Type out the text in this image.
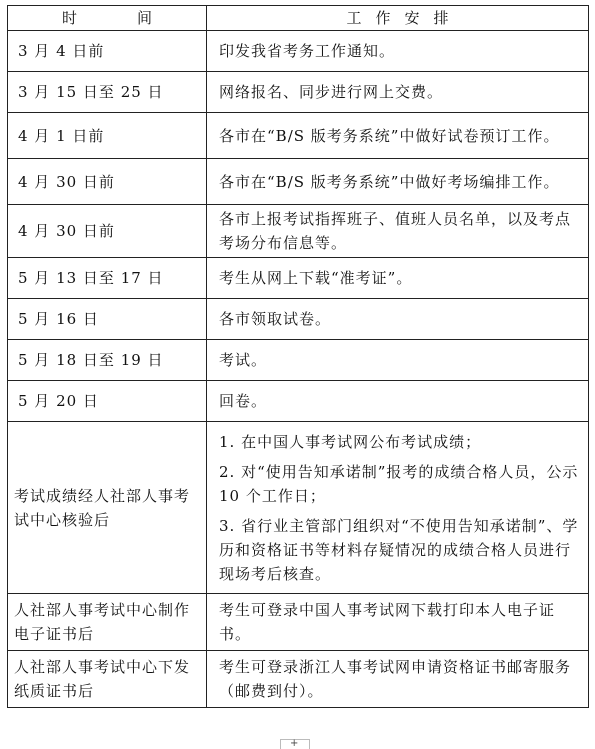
时 间	工 作 安 排
3 月 4 日前	印发我省考务工作通知。

3 月 15 日至 25 日	网络报名、同步进行网上交费。

4 月 1 日前	各市在“B/S 版考务系统”中做好试卷预订工作。

4 月 30 日前	各市在“B/S 版考务系统”中做好考场编排工作。

4 月 30 日前	各市上报考试指挥班子、值班人员名单，以及考点考场分布信息等。

5 月 13 日至 17 日	考生从网上下载“准考证”。

5 月 16 日	各市领取试卷。

5 月 18 日至 19 日	考试。

5 月 20 日	回卷。

考试成绩经人社部人事考试中心核验后	1. 在中国人事考试网公布考试成绩；
2. 对“使用告知承诺制”报考的成绩合格人员，公示 10 个工作日；
3. 省行业主管部门组织对“不使用告知承诺制”、学历和资格证书等材料存疑情况的成绩合格人员进行现场考后核查。

人社部人事考试中心制作电子证书后	考生可登录中国人事考试网下载打印本人电子证书。

人社部人事考试中心下发纸质证书后	考生可登录浙江人事考试网申请资格证书邮寄服务（邮费到付）。
+
